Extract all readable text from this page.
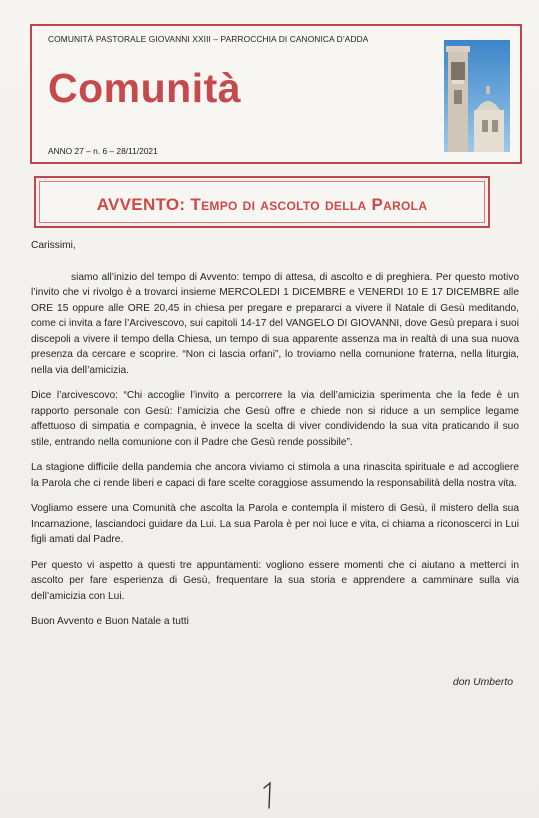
COMUNITÀ PASTORALE GIOVANNI XXIII – PARROCCHIA DI CANONICA D’ADDA
Comunità
ANNO 27 – n. 6 – 28/11/2021
AVVENTO: Tempo di ascolto della Parola

Carissimi,

siamo all’inizio del tempo di Avvento: tempo di attesa, di ascolto e di preghiera. Per questo motivo l’invito che vi rivolgo è a trovarci insieme MERCOLEDI 1 DICEMBRE e VENERDI 10 E 17 DICEMBRE alle ORE 15 oppure alle ORE 20,45 in chiesa per pregare e prepararci a vivere il Natale di Gesù meditando, come ci invita a fare l’Arcivescovo, sui capitoli 14-17 del VANGELO DI GIOVANNI, dove Gesù prepara i suoi discepoli a vivere il tempo della Chiesa, un tempo di sua apparente assenza ma in realtà di una sua nuova presenza da cercare e scoprire. “Non ci lascia orfani”, lo troviamo nella comunione fraterna, nella liturgia, nella via dell’amicizia.

Dice l’arcivescovo: “Chi accoglie l’invito a percorrere la via dell’amicizia sperimenta che la fede è un rapporto personale con Gesù: l’amicizia che Gesù offre e chiede non si riduce a un semplice legame affettuoso di simpatia e compagnia, è invece la scelta di viver condividendo la sua vita praticando il suo stile, entrando nella comunione con il Padre che Gesù rende possibile”.

La stagione difficile della pandemia che ancora viviamo ci stimola a una rinascita spirituale e ad accogliere la Parola che ci rende liberi e capaci di fare scelte coraggiose assumendo la responsabilità della nostra vita.

Vogliamo essere una Comunità che ascolta la Parola e contempla il mistero di Gesù, il mistero della sua Incarnazione, lasciandoci guidare da Lui. La sua Parola è per noi luce e vita, ci chiama a riconoscerci in Lui figli amati dal Padre.

Per questo vi aspetto a questi tre appuntamenti: vogliono essere momenti che ci aiutano a metterci in ascolto per fare esperienza di Gesù, frequentare la sua storia e apprendere a camminare sulla via dell’amicizia con Lui.

Buon Avvento e Buon Natale a tutti

don Umberto
